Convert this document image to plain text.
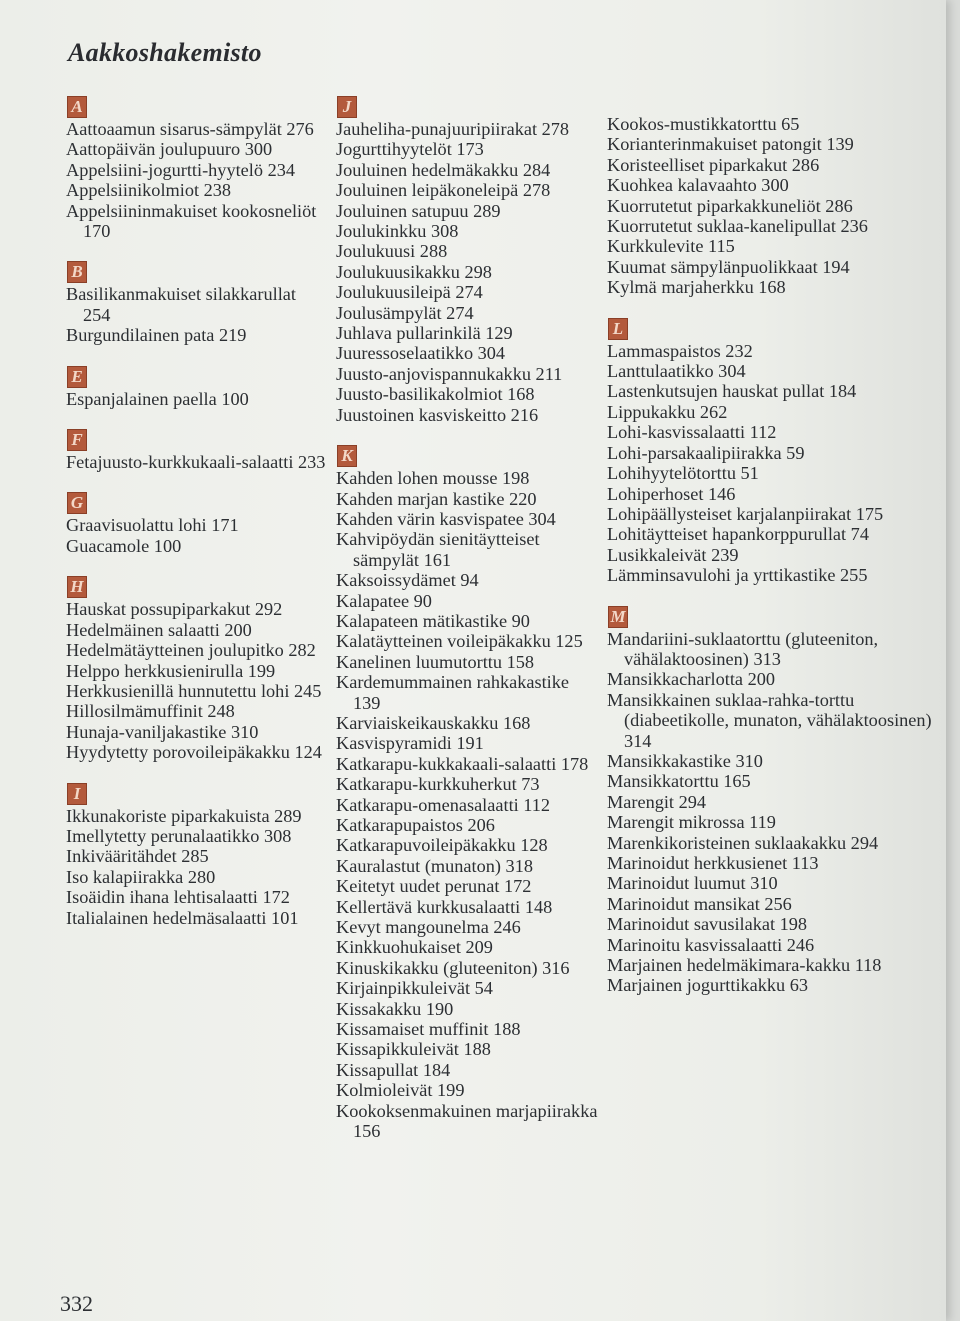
Aakkoshakemisto
A
Aattoaamun sisarus-sämpylät 276
Aattopäivän joulupuuro 300
Appelsiini-jogurtti-hyytelö 234
Appelsiinikolmiot 238
Appelsiininmakuiset kookosneliöt 170
B
Basilikanmakuiset silakkarullat 254
Burgundilainen pata 219
E
Espanjalainen paella 100
F
Fetajuusto-kurkkukaali-salaatti 233
G
Graavisuolattu lohi 171
Guacamole 100
H
Hauskat possupiparkakut 292
Hedelmäinen salaatti 200
Hedelmätäytteinen joulupitko 282
Helppo herkkusienirulla 199
Herkkusienillä hunnutettu lohi 245
Hillosilmämuffinit 248
Hunaja-vaniljakastike 310
Hyydytetty porovoileipäkakku 124
I
Ikkunakoriste piparkakuista 289
Imellytetty perunalaatikko 308
Inkivääritähdet 285
Iso kalapiirakka 280
Isoäidin ihana lehtisalaatti 172
Italialainen hedelmäsalaatti 101
J
Jauheliha-punajuuripiirakat 278
Jogurttihyytelöt 173
Jouluinen hedelmäkakku 284
Jouluinen leipäkoneleipä 278
Jouluinen satupuu 289
Joulukinkku 308
Joulukuusi 288
Joulukuusikakku 298
Joulukuusileipä 274
Joulusämpylät 274
Juhlava pullarinkilä 129
Juuressoselaatikko 304
Juusto-anjovispannukakku 211
Juusto-basilikakolmiot 168
Juustoinen kasviskeitto 216
K
Kahden lohen mousse 198
Kahden marjan kastike 220
Kahden värin kasvispatee 304
Kahvipöydän sienitäytteiset sämpylät 161
Kaksoissydämet 94
Kalapatee 90
Kalapateen mätikastike 90
Kalatäytteinen voileipäkakku 125
Kanelinen luumutorttu 158
Kardemummainen rahkakastike 139
Karviaiskeikauskakku 168
Kasvispyramidi 191
Katkarapu-kukkakaali-salaatti 178
Katkarapu-kurkkuherkut 73
Katkarapu-omenasalaatti 112
Katkarapupaistos 206
Katkarapuvoileipäkakku 128
Kauralastut (munaton) 318
Keitetyt uudet perunat 172
Kellertävä kurkkusalaatti 148
Kevyt mangounelma 246
Kinkkuohukaiset 209
Kinuskikakku (gluteeniton) 316
Kirjainpikkuleivät 54
Kissakakku 190
Kissamaiset muffinit 188
Kissapikkuleivät 188
Kissapullat 184
Kolmioleivät 199
Kookoksenmakuinen marjapiirakka 156
Kookos-mustikkatorttu 65
Korianterinmakuiset patongit 139
Koristeelliset piparkakut 286
Kuohkea kalavaahto 300
Kuorrutetut piparkakkuneliöt 286
Kuorrutetut suklaa-kanelipullat 236
Kurkkulevite 115
Kuumat sämpylänpuolikkaat 194
Kylmä marjaherkku 168
L
Lammaspaistos 232
Lanttulaatikko 304
Lastenkutsujen hauskat pullat 184
Lippukakku 262
Lohi-kasvissalaatti 112
Lohi-parsakaalipiirakka 59
Lohihyytelötorttu 51
Lohiperhoset 146
Lohipäällysteiset karjalanpiirakat 175
Lohitäytteiset hapankorppurullat 74
Lusikkaleivät 239
Lämminsavulohi ja yrttikastike 255
M
Mandariini-suklaatorttu (gluteeniton, vähälaktoosinen) 313
Mansikkacharlotta 200
Mansikkainen suklaa-rahka-torttu (diabeetikolle, munaton, vähälaktoosinen) 314
Mansikkakastike 310
Mansikkatorttu 165
Marengit 294
Marengit mikrossa 119
Marenkikoristeinen suklaakakku 294
Marinoidut herkkusienet 113
Marinoidut luumut 310
Marinoidut mansikat 256
Marinoidut savusilakat 198
Marinoitu kasvissalaatti 246
Marjainen hedelmäkimara-kakku 118
Marjainen jogurttikakku 63
332
